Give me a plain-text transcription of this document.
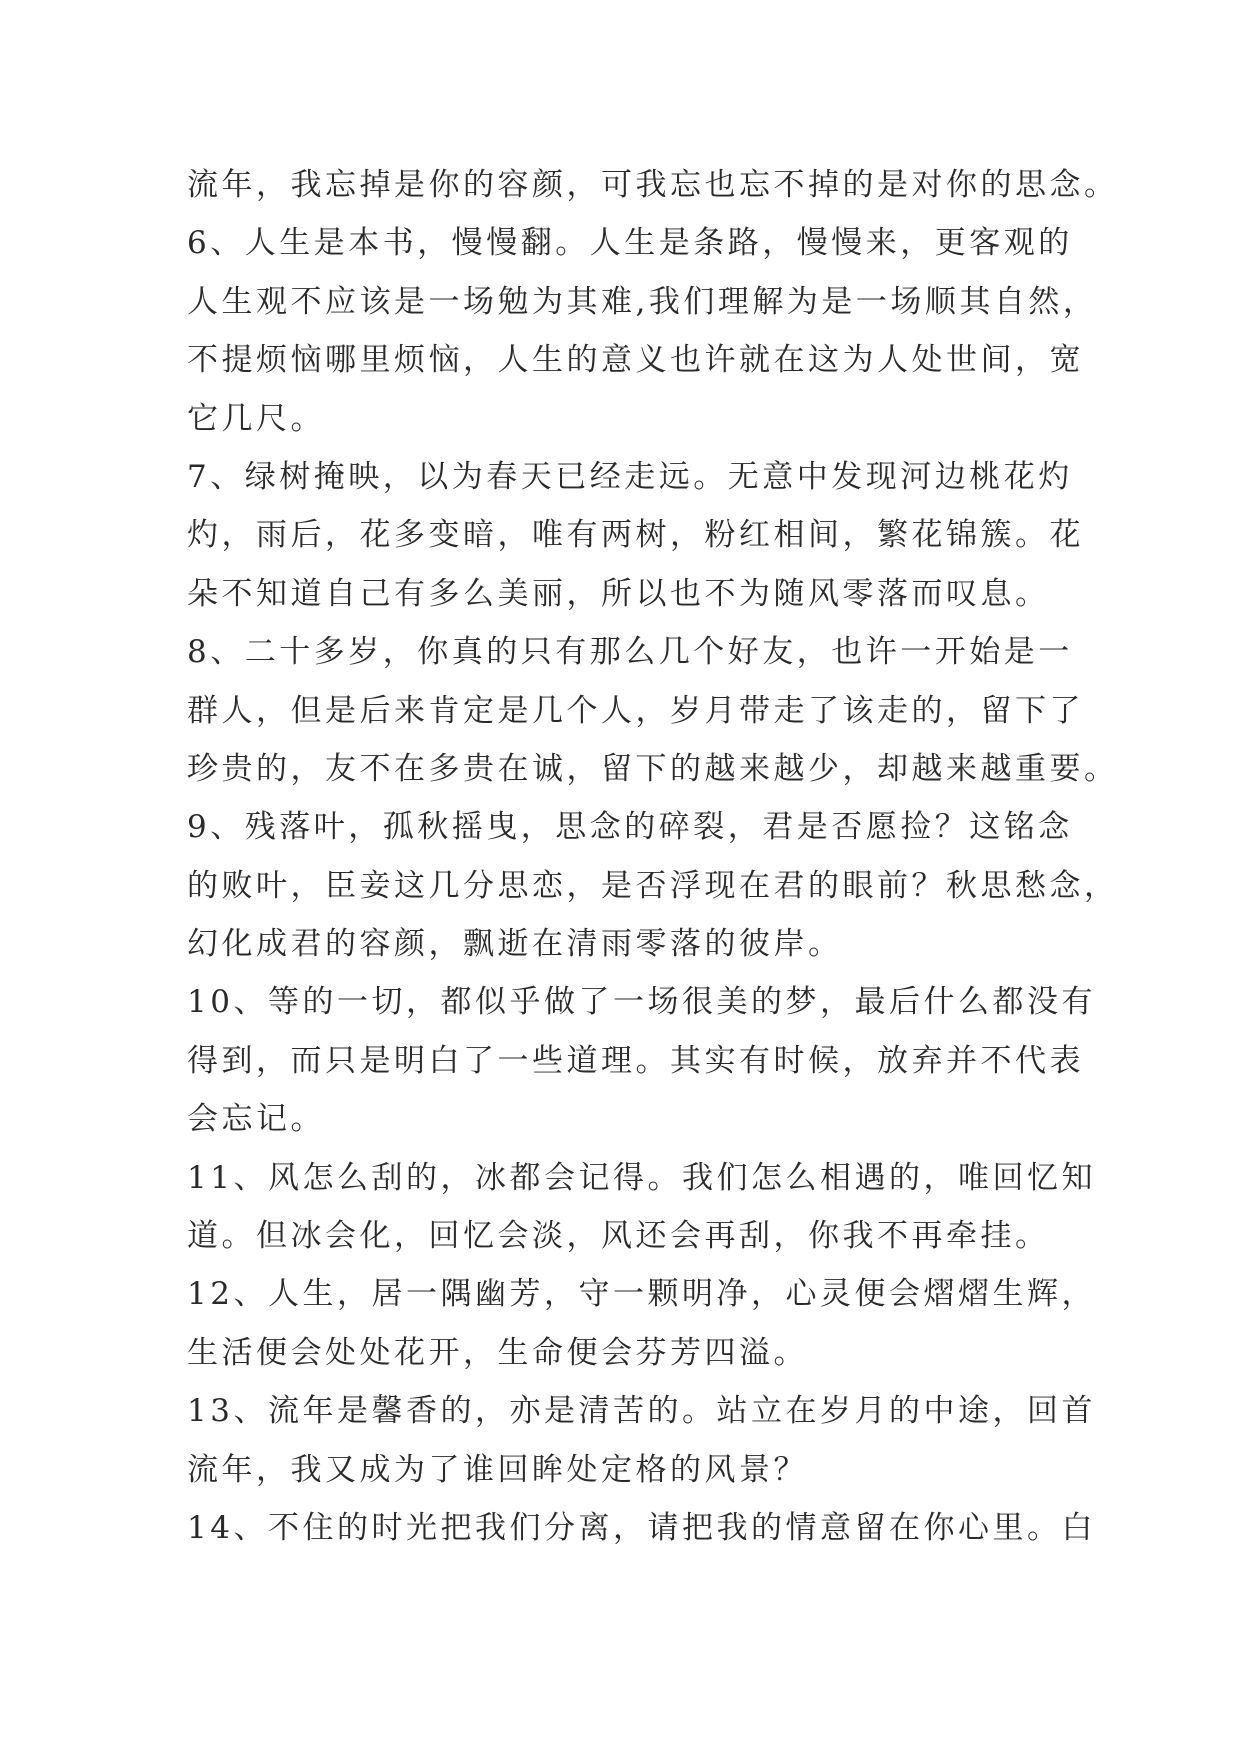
流年，我忘掉是你的容颜，可我忘也忘不掉的是对你的思念。
6、人生是本书，慢慢翻。人生是条路，慢慢来，更客观的
人生观不应该是一场勉为其难,我们理解为是一场顺其自然，
不提烦恼哪里烦恼，人生的意义也许就在这为人处世间，宽
它几尺。
7、绿树掩映，以为春天已经走远。无意中发现河边桃花灼
灼，雨后，花多变暗，唯有两树，粉红相间，繁花锦簇。花
朵不知道自己有多么美丽，所以也不为随风零落而叹息。
8、二十多岁，你真的只有那么几个好友，也许一开始是一
群人，但是后来肯定是几个人，岁月带走了该走的，留下了
珍贵的，友不在多贵在诚，留下的越来越少，却越来越重要。
9、残落叶，孤秋摇曳，思念的碎裂，君是否愿捡？这铭念
的败叶，臣妾这几分思恋，是否浮现在君的眼前？秋思愁念，
幻化成君的容颜，飘逝在清雨零落的彼岸。
10、等的一切，都似乎做了一场很美的梦，最后什么都没有
得到，而只是明白了一些道理。其实有时候，放弃并不代表
会忘记。
11、风怎么刮的，冰都会记得。我们怎么相遇的，唯回忆知
道。但冰会化，回忆会淡，风还会再刮，你我不再牵挂。
12、人生，居一隅幽芳，守一颗明净，心灵便会熠熠生辉，
生活便会处处花开，生命便会芬芳四溢。
13、流年是馨香的，亦是清苦的。站立在岁月的中途，回首
流年，我又成为了谁回眸处定格的风景？
14、不住的时光把我们分离，请把我的情意留在你心里。白
